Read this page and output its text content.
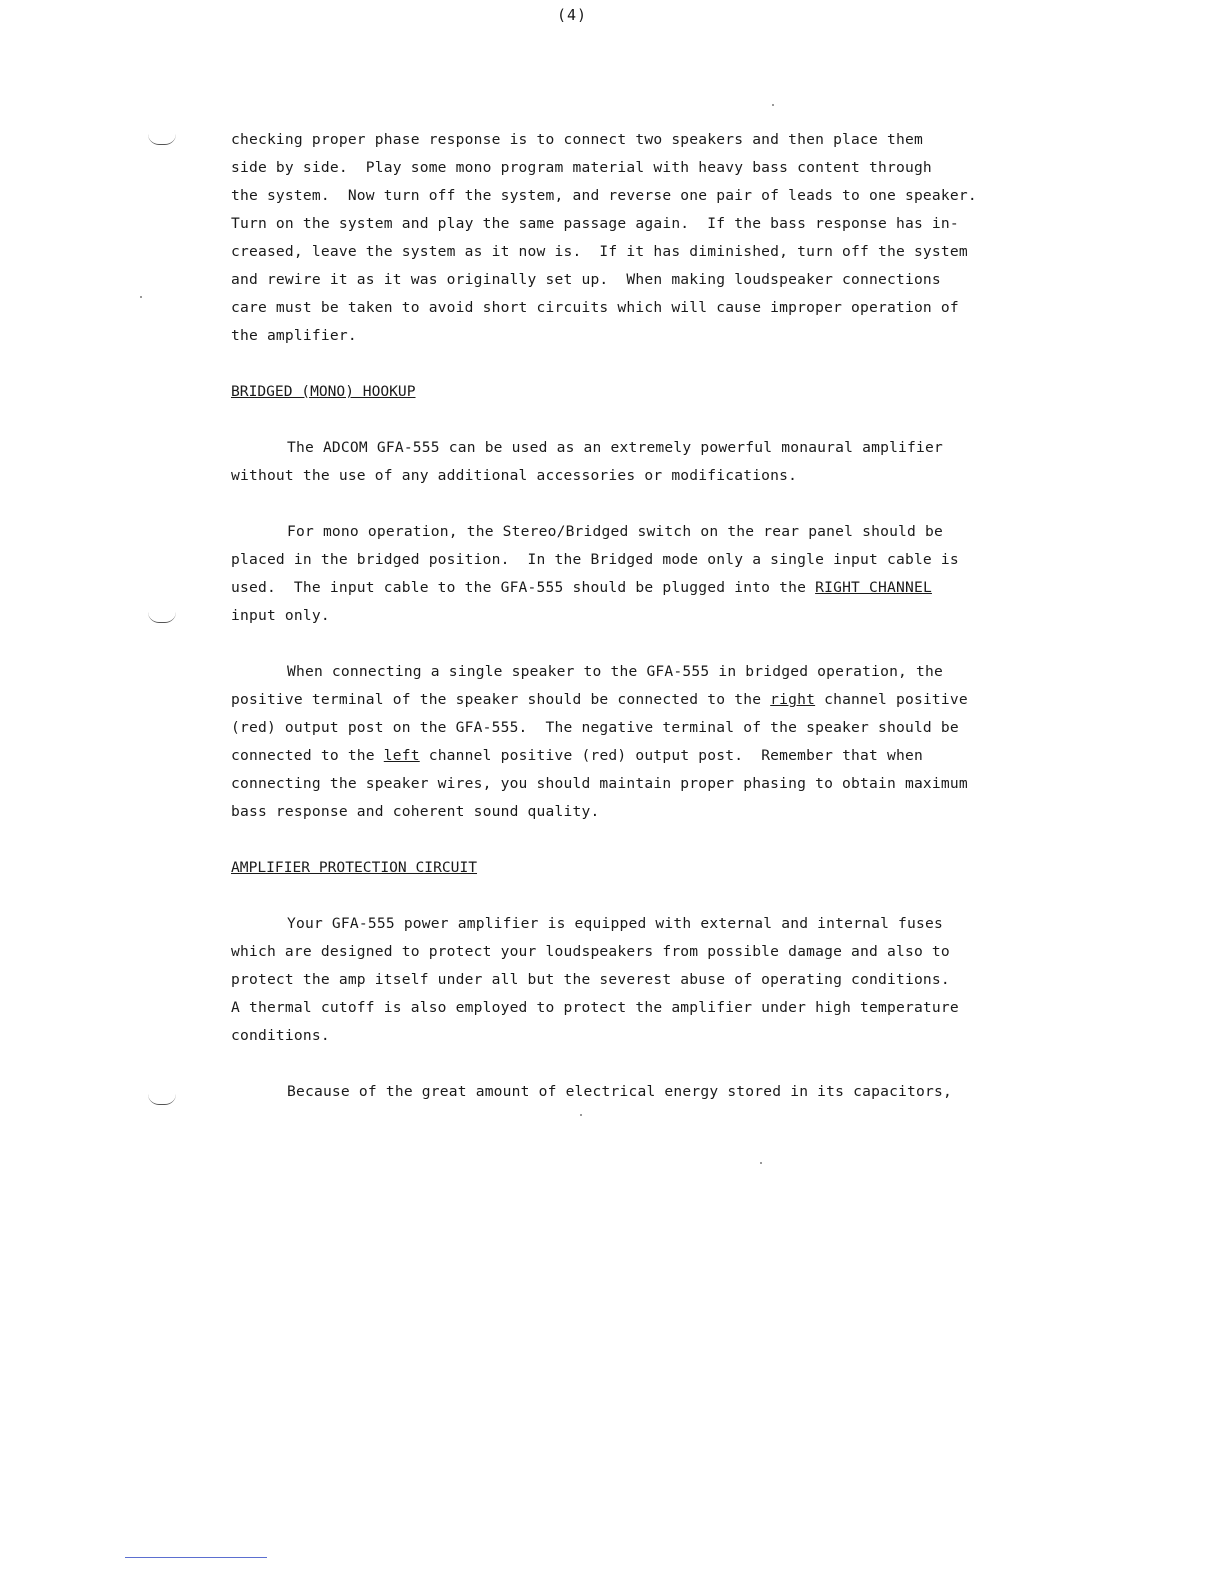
(4)
checking proper phase response is to connect two speakers and then place them
side by side.  Play some mono program material with heavy bass content through
the system.  Now turn off the system, and reverse one pair of leads to one speaker.
Turn on the system and play the same passage again.  If the bass response has in-
creased, leave the system as it now is.  If it has diminished, turn off the system
and rewire it as it was originally set up.  When making loudspeaker connections
care must be taken to avoid short circuits which will cause improper operation of
the amplifier.
BRIDGED (MONO) HOOKUP
The ADCOM GFA-555 can be used as an extremely powerful monaural amplifier
without the use of any additional accessories or modifications.
For mono operation, the Stereo/Bridged switch on the rear panel should be
placed in the bridged position.  In the Bridged mode only a single input cable is
used.  The input cable to the GFA-555 should be plugged into the RIGHT CHANNEL
input only.
When connecting a single speaker to the GFA-555 in bridged operation, the
positive terminal of the speaker should be connected to the right channel positive
(red) output post on the GFA-555.  The negative terminal of the speaker should be
connected to the left channel positive (red) output post.  Remember that when
connecting the speaker wires, you should maintain proper phasing to obtain maximum
bass response and coherent sound quality.
AMPLIFIER PROTECTION CIRCUIT
Your GFA-555 power amplifier is equipped with external and internal fuses
which are designed to protect your loudspeakers from possible damage and also to
protect the amp itself under all but the severest abuse of operating conditions.
A thermal cutoff is also employed to protect the amplifier under high temperature
conditions.
Because of the great amount of electrical energy stored in its capacitors,
